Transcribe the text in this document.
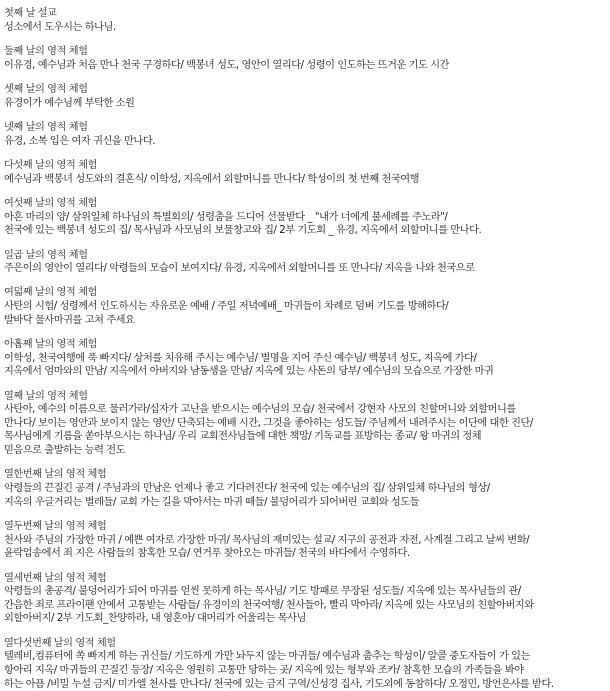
첫째 날 설교
성소에서 도우시는 하나님.
둘째 날의 영적 체험
이유경, 예수님과 처음 만나 천국 구경하다/ 백봉녀 성도, 영안이 열리다/ 성령이 인도하는 뜨거운 기도 시간
셋째 날의 영적 체험
유경이가 예수님께 부탁한 소원
넷째 날의 영적 체험
유경, 소복 입은 여자 귀신을 만나다.
다섯째 날의 영적 체험
예수님과 백봉녀 성도와의 결혼식/ 이학성, 지옥에서 외할머니를 만나다/ 학성이의 첫 번째 천국여행
여섯째 날의 영적 체험
아흔 마리의 양/ 삼위일체 하나님의 특별회의/ 성령춤을 드디어 선물받다 _ "내가 너에게 불세례를 주노라"/
천국에 있는 백봉녀 성도의 집/ 목사님과 사모님의 보물창고와 집/ 2부 기도회 _ 유경, 지옥에서 외할머니를 만나다.
일곱 날의 영적 체험
주은이의 영안이 열리다/ 악령들의 모습이 보여지다/ 유경, 지옥에서 외할머니를 또 만나다/ 지옥을 나와 천국으로
여덟째 날의 영적 체험
사탄의 시험/ 성령께서 인도하시는 자유로운 예배 / 주일 저녁예배_ 마귀들이 차례로 덤벼 기도를 방해하다/
발바닥 물사마귀를 고쳐 주세요
아홉째 날의 영적 체험
이학성, 천국여행에 푹 빠지다/ 상처를 치유해 주시는 예수님/ 별명을 지어 주신 예수님/ 백봉녀 성도, 지옥에 가다/
지옥에서 엄마와의 만남/ 지옥에서 아버지와 남동생을 만남/ 지옥에 있는 사돈의 당부/ 예수님의 모습으로 가장한 마귀
열째 날의 영적 체험
사탄아, 예수의 이름으로 물러가라/십자가 고난을 받으시는 예수님의 모습/ 천국에서 강현자 사모의 친할머니와 외할머니를
만나다/ 보이는 영안과 보이지 않는 영안/ 단축되는 예배 시간, 그것을 좋아하는 성도들/ 주님께서 내려주시는 이단에 대한 진단/
목사님에게 기름을 쏟아부으시는 하나님/ 우리 교회전사님들에 대한 책망/ 기독교를 표방하는 종교/ 왕 마귀의 정체
믿음으로 출발하는 능력 전도
열한번째 날의 영적 체험
악령들의 끈질긴 공격 / 주님과의 만남은 언제나 좋고 기다려진다/ 천국에 있는 예수님의 집/ 삼위일체 하나님의 형상/
지옥의 우글거리는 벌레들/ 교회 가는 길을 막아서는 마귀 떼들/ 불덩어리가 되어버린 교회와 성도들
열두번째 날의 영적 체험
천사와 주님의 가장한 마귀 / 예쁜 여자로 가장한 마귀/ 목사님의 재미있는 설교/ 지구의 공전과 자전, 사계절 그리고 날씨 변화/
윤락업송에서 죄 지은 사람들의 참혹한 모습/ 연거푸 찾아오는 마귀들/ 천국의 바다에서 수영하다.
열세번째 날의 영적 체험
악령들의 총공격/ 불덩어리가 되어 마귀를 얻씬 못하게 하는 목사님/ 기도 방패로 무장된 성도들/ 지옥에 있는 목사님들의 관/
간음한 죄로 프라이팬 안에서 고통받는 사람들/ 유경이의 천국여행/ 천사들아, 빨리 막아라/ 지옥에 있는 사모님의 친할아버지와
외할아버지/ 2부 기도회_찬양하라, 내 영혼아/ 대머리가 어울리는 목사님
열다섯번째 날의 영적 체험
텔레비,컴퓨터에 쏙 빠지게 하는 귀신들/ 기도하게 가만 놔두지 않는 마귀들/ 예수님과 춤추는 학성이/ 알콜 중도자들이 가 있는
항아리 지옥/ 마귀들의 끈질긴 등장/ 지옥은 영원히 고통만 당하는 곳/ 지옥에 있는 형부와 조카/ 참혹한 모습의 가족들을 봐야
하는 아픔 /비밀 누설 금지/ 미가엘 천사를 만나다/ 천국에 있는 금지 구역/신성경 집사, 기도외에 동참하다/ 오정민, 방언은사를 받다.
